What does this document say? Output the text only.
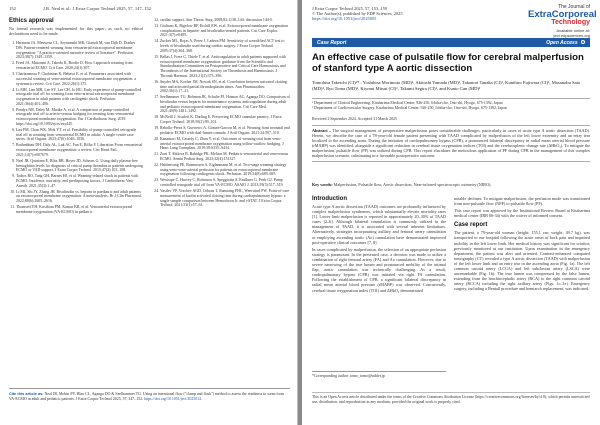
152	J.R. Neal et al.: J Extra Corpor Technol 2025, 57, 147–152
Ethics approval
No formal research was implemented for this paper; as such, no ethical declarations need to be made.
1. Hermens JA, Meuwese CL, Szymanski MK, Gianoli M, van Dijk D, Donker DW. Patient-centered weaning from venoarterial extracorporeal membrane oxygenation: "A practice-oriented narrative review of literature". Perfusion. 2023;38(7):1349–1359.
2. Fried JA, Masoumi A, Takeda K, Brodie D. How I approach weaning from venoarterial ECMO. Crit Care. 2020;24(1):307.
3. Charbonneau F, Chahinian K, Bebawi E, et al. Parameters associated with successful weaning of veno-arterial extracorporeal membrane oxygenation: a systematic review. Crit Care. 2022;26(1):375.
4. Li MH, Lim MH, Lee SY, Lee CH, Jo HG. Early experience of pump-controlled retrograde trial off for weaning from veno-arterial extracorporeal membrane oxygenation in adult patients with cardiogenic shock. Perfusion. 2021;36(4):401–406.
5. Pandya NR, Daley M, Mattke A, et al. A comparison of pump-controlled retrograde trial off to arterio-venous bridging for weaning from venoarterial extracorporeal membrane oxygenation. Eur J Cardiothorac Surg. 2019. https://doi.org/10.1093/ejcts/ezy445.
6. Lau FM, Chan WK, Mok YT, et al. Feasibility of pump-controlled retrograde trial off in weaning from venoarterial ECMO in adults: A single-centre case series. Artif Organs. 2023;47(6):1046–1056.
7. Brahmbhatt DH, Daly AL, Luk AC, Fan E, Billia F. Liberation From venoarterial extracorporeal membrane oxygenation: a review. Circ Heart Fail. 2021;14(7):e007679.
8. Neal JR, Quintana E, Blitz BB, Hoyer JD, Schears G. Using daily plasma-free hemoglobin levels for diagnosis of critical pump thrombus in patients undergoing ECMO or VAD support. J Extra Corpor Technol. 2015;47(2):103–108.
9. Tadros RO, Tang GH, Barnes HJ, et al. Weaning-related shock in patients with ECMO: Incidence, mortality, and predisposing factors. J Cardiothorac Vasc Anesth. 2021;35(3):1–47.
10. Li MJ, Shi JY, Zhang JH. Bivalirudin vs. heparin in paediatric and adult patients on extracorporeal membrane oxygenation: A meta-analysis. Br J Clin Pharmacol. 2022;88(6):2605–2616.
11. Thomsett YH, Kristbom PM, Kumar KR, et al. Venoarterial extracorporeal membrane oxygenation (VA-ECMO) in pediatric
12. cardiac support. Ann Thorac Surg. 2008;82:1138–144; discussion 144-5.
13. Giuliano K, Bigelow BF, Etchill EW, et al. Extracorporeal membrane oxygenation complications in heparin- and bivalirudin-treated patients. Crit Care Explor. 2021;3(7):e0485.
14. Zucker ML, Rojas A, Perez J, Ladeza PM. Sensitivity of a modified ACT test to levels of bivalirudin used during cardiac surgery. J Extra Corpor Technol. 2005;37(4):364–368.
15. Bellas J, Frere C, Thiele T, et al. Anticoagulation in adult patients supported with extracorporeal membrane oxygenation: guidance from the Scientific and Standardization Committees on Perioperative and Critical Care Haemostasis and Thrombosis of the International Society on Thrombosis and Haemostasis. J Thromb Haemost. 2023;21(2):373–396.
16. Snyder MA, Koeher JM, Nowak SN, et al. Correlation between activated clotting time and activated partial thromboplastin times. Ann Pharmacother. 2002;36(1):17–21.
17. Seelhammer TG, Bohman JK, Schulte PJ, Hanson AC, Aganga DO. Comparison of bivalirudin versus heparin for maintenance systemic anticoagulation during adult and pediatric extracorporeal membrane oxygenation. Crit Care Med. 2021;49(9):1481–1492.
18. McNeill J, Scarlett K, Darling E. Preserving ECMO cannulae patency. J Extra Corpor Technol. 2018;50(2):99–101.
19. Rebollo-Perez S, Guerreiro A, Gómez-Garcon M, et al. Weaning from neonatal and pediatric ECMO with dual-lumen cannula. J Artif Organs. 2021;24:507–510.
20. Kanamori M, Cassidy C, Zhan Y, et al. Outcomes of weaning trial from veno-arterial extracorporeal membrane oxygenation using inflow-outflow bridging. J Heart Lung Transplant. 2019;38:S335–S434.
21. Zoni T, Shilova B, Babidge PK, Melitas M. Pediatric venoarterial and venovenous ECMO. Semin Pediatr Surg. 2023;32(4):151327.
22. Hahlenvang PE, Rasmussen A, Eiglanmann M, et al. Two-stage weaning strategy using veno-veno-arterial perfusion for patients on extracorporeal membrane oxygenation following cardiogenic shock. Perfusion. 2019;34(8):689–695.
23. Westrope C, Harvey C, Robinson S, Speggiorin S, Faulkner G, Peek GJ. Pump controlled retrograde trial off from VA-ECMO. ASAIO J. 2013;59(5):517–519.
24. Vasilev VP, Vrachev AGD, Orbons T, Ramtring PHC, Weerwind PW. Point-of-care measurement of kaolin activated clotting time during cardiopulmonary bypass: a single sample comparison between Hemochron Jr. and i-STAT. J Extra Corpor Technol. 2021;53(1):57–61.
Cite this article as: Neal JR, Mobin PY, Blau CL, Aganga DO & Seelhammer TG. Using an intentional flow ("clamp and flash") method to assess the readiness to wean from VA-ECMO in adult and pediatric patients. J Extra Corpor Technol 2025, 57, 147–152. https://doi.org/10.1051/ject/2025014.
J Extra Corpor Technol 2025, 57, 153–159
© The Author(s), published by EDP Sciences, 2025
https://doi.org/10.1051/ject/2025005
The Journal of
ExtraCorporeal
Technology
Available online at: ject.edpsciences.org
Case Report	Open Access
An effective case of pulsatile flow for cerebral malperfusion of stanford type A aortic dissection
Tomohisa Takeichi (CI)¹* , Yoshihisa Morimoto (MD)², Akitoshi Yamada (MD)², Takanori Tanaka (CI)¹, Kunihiro Fujiwara (CI)¹, Masanobu Sato (MD)², Ryo Toma (MD)², Kiyomi Mitsui (CI)¹, Takumi Segira (CI)¹, and Kunio Gan (MD)²
¹ Department of Clinical Engineering, Kitaharima Medical Center, 926-250, Ichiba-cho, Ono-shi, Hyogo, 675-1392, Japan
² Department of Cardiovascular Surgery, Kitaharima Medical Center, 926-250, Ichiba-cho, Ono-shi, Hyogo, 675-1392, Japan
Received 2 September 2024, Accepted 31 March 2025
Abstract – The surgical management of preoperative malperfusion poses considerable challenges, particularly in cases of acute type A aortic dissection (TAAD). Herein, we describe the case of a 78-year-old female patient presenting with TAAD complicated by malperfusion of the left lower extremity and an entry tear localized to the ascending aorta. During the initiation of cardiopulmonary bypass (CPB), a pronounced bilateral discrepancy in radial mean arterial blood pressure (rMABP) was identified, alongside a significant reduction in cerebral tissue oxygenation indices (TOI) and the cerebrosplenic change rate (ΔHbO₂). To mitigate the malperfusion, pulsatile flow (PF) was utilized during CPB. This report elucidates the meticulous application of PF during CPB in the management of this complex malperfusion scenario, culminating in a favorable postoperative outcome.
Key words: Malperfusion, Pulsatile flow, Aortic dissection, Near-infrared spectroscopic oximetry (NIRO).
Introduction
Acute type A aortic dissection (TAAD) outcomes are profoundly influenced by complex malperfusion syndromes, which substantially elevate mortality rates [1]. Lower limb malperfusion is reported in approximately 20–30% of TAAD cases [2–6]. Although bilateral cannulation is commonly utilized in the management of TAAD, it is associated with several inherent limitations. Alternatively, strategies incorporating axillary and femoral artery cannulation or employing ascending aortic (Ao) cannulation have demonstrated improved post-operative clinical outcomes [7, 8].
In cases complicated by malperfusion, the selection of an appropriate perfusion strategy is paramount. In the presented case, a decision was made to utilize a combination of right femoral artery (FA) and Ao cannulation. However, due to severe narrowing of the true lumen and pronounced mobility of the intimal flap, aortic cannulation was technically challenging. As a result, cardiopulmonary bypass (CPB) was initiated via right FA cannulation. Following the establishment of CPB, a significant bilateral discrepancy in radial mean arterial blood pressure (rMABP) was observed. Concurrently, cerebral tissue oxygenation index (TOI) and ΔHbO₂ demonstrated
notable declines. To mitigate malperfusion, the perfusion mode was transitioned from non-pulsatile flow (NPF) to pulsatile flow (PF).
This case report was approved by the Institutional Review Board at Kitaharima medical center (IRB 06-34) with the waiver of informed consent.
Case report
The patient, a 79-year-old woman (height: 155.1 cm; weight: 49.7 kg), was transported to our hospital following the acute onset of back pain and impaired mobility in the left lower limb. Her medical history was significant for sciatica, previously monitored at our institution. Upon examination in the emergency department, the patient was alert and oriented. Contrast-enhanced computed tomography (CT) revealed a type A aortic dissection (TAAD) with malperfusion of the left lower limb and an entry tear in the ascending aorta (Fig. 1a). The left common carotid artery (LCCA) and left subclavian artery (LSCA) were unremarkable (Fig. 1b). The true lumen was compressed by the false lumen, extending from the brachiocephalic artery (BCA) to the right common carotid artery (RCCA) including the right axillary artery (Figs. 1c–1e). Emergency surgery, including a Bentall procedure and hemiarch replacement, was indicated.
*Corresponding author: tomo_tomo@sublet.jp
This is an Open Access article distributed under the terms of the Creative Commons Attribution License (https://creativecommons.org/licenses/by/4.0), which permits unrestricted use, distribution, and reproduction in any medium, provided the original work is properly cited.
